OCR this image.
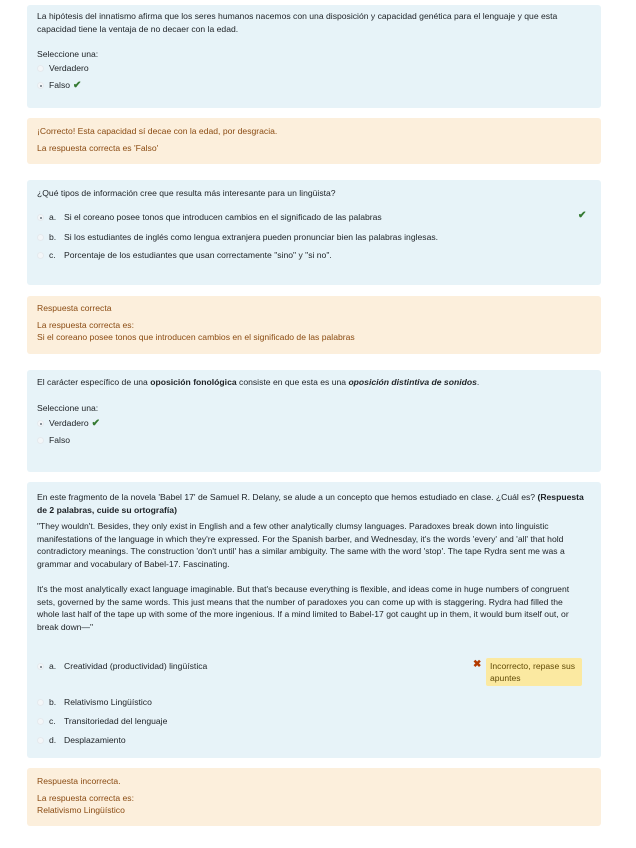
La hipótesis del innatismo afirma que los seres humanos nacemos con una disposición y capacidad genética para el lenguaje y que esta capacidad tiene la ventaja de no decaer con la edad.
Seleccione una:
Verdadero
Falso ✔
¡Correcto! Esta capacidad sí decae con la edad, por desgracia.
La respuesta correcta es 'Falso'
¿Qué tipos de información cree que resulta más interesante para un lingüista?
a. Si el coreano posee tonos que introducen cambios en el significado de las palabras	✔
b. Si los estudiantes de inglés como lengua extranjera pueden pronunciar bien las palabras inglesas.
c. Porcentaje de los estudiantes que usan correctamente "sino" y "si no".
Respuesta correcta
La respuesta correcta es:
Si el coreano posee tonos que introducen cambios en el significado de las palabras
El carácter específico de una oposición fonológica consiste en que esta es una oposición distintiva de sonidos.
Seleccione una:
Verdadero ✔
Falso
En este fragmento de la novela 'Babel 17' de Samuel R. Delany, se alude a un concepto que hemos estudiado en clase. ¿Cuál es? (Respuesta de 2 palabras, cuide su ortografía)
"They wouldn't. Besides, they only exist in English and a few other analytically clumsy languages. Paradoxes break down into linguistic manifestations of the language in which they're expressed. For the Spanish barber, and Wednesday, it's the words 'every' and 'all' that hold contradictory meanings. The construction 'don't until' has a similar ambiguity. The same with the word 'stop'. The tape Rydra sent me was a grammar and vocabulary of Babel-17. Fascinating.
It's the most analytically exact language imaginable. But that's because everything is flexible, and ideas come in huge numbers of congruent sets, governed by the same words. This just means that the number of paradoxes you can come up with is staggering. Rydra had filled the whole last half of the tape up with some of the more ingenious. If a mind limited to Babel-17 got caught up in them, it would bum itself out, or break down—"
a. Creatividad (productividad) lingüística	✖	Incorrecto, repase sus apuntes
b. Relativismo Lingüístico
c. Transitoriedad del lenguaje
d. Desplazamiento
Respuesta incorrecta.
La respuesta correcta es:
Relativismo Lingüístico
